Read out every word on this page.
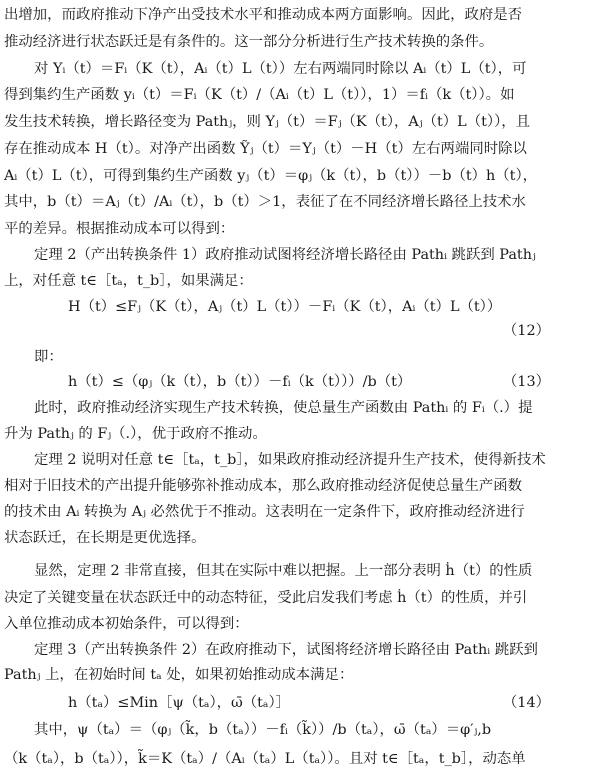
出增加，而政府推动下净产出受技术水平和推动成本两方面影响。因此，政府是否
推动经济进行状态跃迁是有条件的。这一部分分析进行生产技术转换的条件。
对 Yᵢ（t）＝Fᵢ（K（t），Aᵢ（t）L（t））左右两端同时除以 Aᵢ（t）L（t），可
得到集约生产函数 yᵢ（t）＝Fᵢ（K（t）/（Aᵢ（t）L（t）），1）＝fᵢ（k（t））。如
发生技术转换，增长路径变为 Pathⱼ，则 Yⱼ（t）＝Fⱼ（K（t），Aⱼ（t）L（t）），且
存在推动成本 H（t）。对净产出函数 Ỹⱼ（t）＝Yⱼ（t）－H（t）左右两端同时除以
Aᵢ（t）L（t），可得到集约生产函数 yⱼ（t）＝φⱼ（k（t），b（t））－b（t）h（t），
其中，b（t）＝Aⱼ（t）/Aᵢ（t），b（t）＞1，表征了在不同经济增长路径上技术水
平的差异。根据推动成本可以得到：
定理 2（产出转换条件 1）政府推动试图将经济增长路径由 Pathᵢ 跳跃到 Pathⱼ
上，对任意 t∈［tₐ，t_b］，如果满足：
H（t）≤Fⱼ（K（t），Aⱼ（t）L（t））－Fᵢ（K（t），Aᵢ（t）L（t））
（12）
即：
h（t）≤（φⱼ（k（t），b（t））－fᵢ（k（t）））/b（t）	（13）
此时，政府推动经济实现生产技术转换，使总量生产函数由 Pathᵢ 的 Fᵢ（.）提
升为 Pathⱼ 的 Fⱼ（.），优于政府不推动。
定理 2 说明对任意 t∈［tₐ，t_b］，如果政府推动经济提升生产技术，使得新技术
相对于旧技术的产出提升能够弥补推动成本，那么政府推动经济促使总量生产函数
的技术由 Aᵢ 转换为 Aⱼ 必然优于不推动。这表明在一定条件下，政府推动经济进行
状态跃迁，在长期是更优选择。
显然，定理 2 非常直接，但其在实际中难以把握。上一部分表明 ḣ（t）的性质
决定了关键变量在状态跃迁中的动态特征，受此启发我们考虑 ḣ（t）的性质，并引
入单位推动成本初始条件，可以得到：
定理 3（产出转换条件 2）在政府推动下，试图将经济增长路径由 Pathᵢ 跳跃到
Pathⱼ 上，在初始时间 tₐ 处，如果初始推动成本满足：
h（tₐ）≤Min［ψ（tₐ），ω̄（tₐ）］	（14）
其中，ψ（tₐ）＝（φⱼ（k̃，b（tₐ））－fᵢ（k̃））/b（tₐ），ω̄（tₐ）＝φ′ⱼ,b
（k（tₐ），b（tₐ）），k̃＝K（tₐ）/（Aᵢ（tₐ）L（tₐ））。且对 t∈［tₐ，t_b］，动态单
